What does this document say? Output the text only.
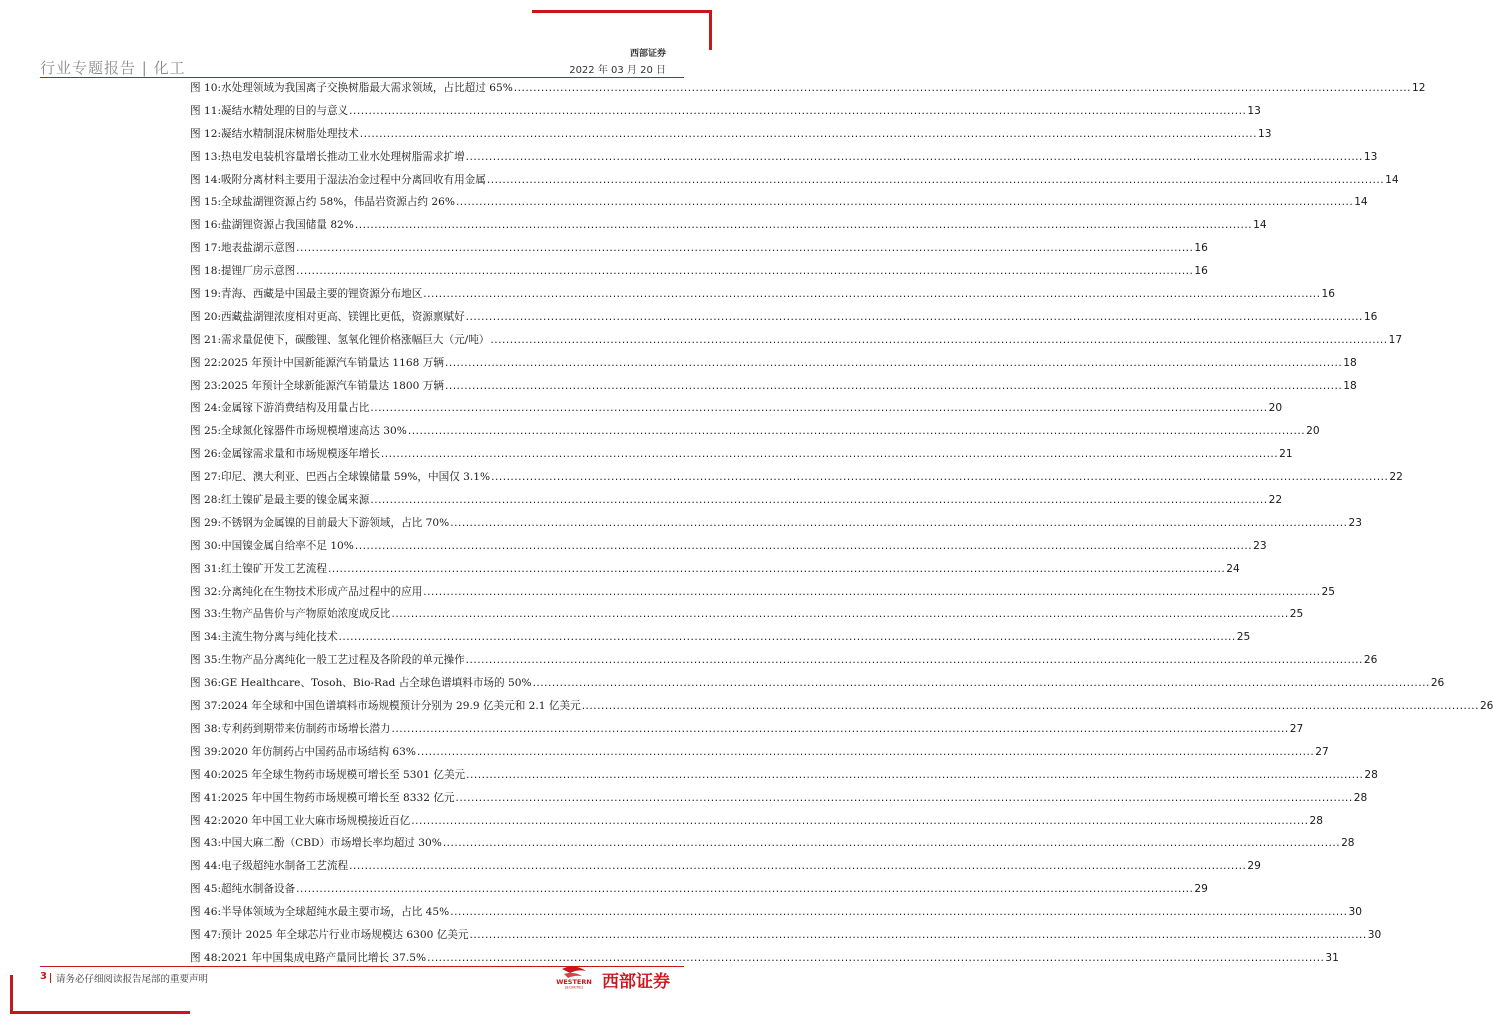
行业专题报告 | 化工
西部证券
2022 年 03 月 20 日
图 10:水处理领域为我国离子交换树脂最大需求领域，占比超过 65% .....	12
图 11:凝结水精处理的目的与意义 .....	13
图 12:凝结水精制混床树脂处理技术 .....	13
图 13:热电发电装机容量增长推动工业水处理树脂需求扩增 .....	13
图 14:吸附分离材料主要用于湿法冶金过程中分离回收有用金属 .....	14
图 15:全球盐湖锂资源占约 58%，伟晶岩资源占约 26% .....	14
图 16:盐湖锂资源占我国储量 82% .....	14
图 17:地表盐湖示意图 .....	16
图 18:提锂厂房示意图 .....	16
图 19:青海、西藏是中国最主要的锂资源分布地区 .....	16
图 20:西藏盐湖锂浓度相对更高、镁锂比更低，资源禀赋好 .....	16
图 21:需求量促使下，碳酸锂、氢氧化锂价格涨幅巨大（元/吨） .....	17
图 22:2025 年预计中国新能源汽车销量达 1168 万辆 .....	18
图 23:2025 年预计全球新能源汽车销量达 1800 万辆 .....	18
图 24:金属镓下游消费结构及用量占比 .....	20
图 25:全球氮化镓器件市场规模增速高达 30% .....	20
图 26:金属镓需求量和市场规模逐年增长 .....	21
图 27:印尼、澳大利亚、巴西占全球镍储量 59%，中国仅 3.1% .....	22
图 28:红土镍矿是最主要的镍金属来源 .....	22
图 29:不锈钢为金属镍的目前最大下游领域，占比 70% .....	23
图 30:中国镍金属自给率不足 10% .....	23
图 31:红土镍矿开发工艺流程 .....	24
图 32:分离纯化在生物技术形成产品过程中的应用 .....	25
图 33:生物产品售价与产物原始浓度成反比 .....	25
图 34:主流生物分离与纯化技术 .....	25
图 35:生物产品分离纯化一般工艺过程及各阶段的单元操作 .....	26
图 36:GE Healthcare、Tosoh、Bio-Rad 占全球色谱填料市场的 50% .....	26
图 37:2024 年全球和中国色谱填料市场规模预计分别为 29.9 亿美元和 2.1 亿美元 .....	26
图 38:专利药到期带来仿制药市场增长潜力 .....	27
图 39:2020 年仿制药占中国药品市场结构 63% .....	27
图 40:2025 年全球生物药市场规模可增长至 5301 亿美元 .....	28
图 41:2025 年中国生物药市场规模可增长至 8332 亿元 .....	28
图 42:2020 年中国工业大麻市场规模接近百亿 .....	28
图 43:中国大麻二酚（CBD）市场增长率均超过 30% .....	28
图 44:电子级超纯水制备工艺流程 .....	29
图 45:超纯水制备设备 .....	29
图 46:半导体领域为全球超纯水最主要市场，占比 45% .....	30
图 47:预计 2025 年全球芯片行业市场规模达 6300 亿美元 .....	30
图 48:2021 年中国集成电路产量同比增长 37.5% .....	31
3 请务必仔细阅读报告尾部的重要声明	WESTERN
SECURITIES 西部证券
